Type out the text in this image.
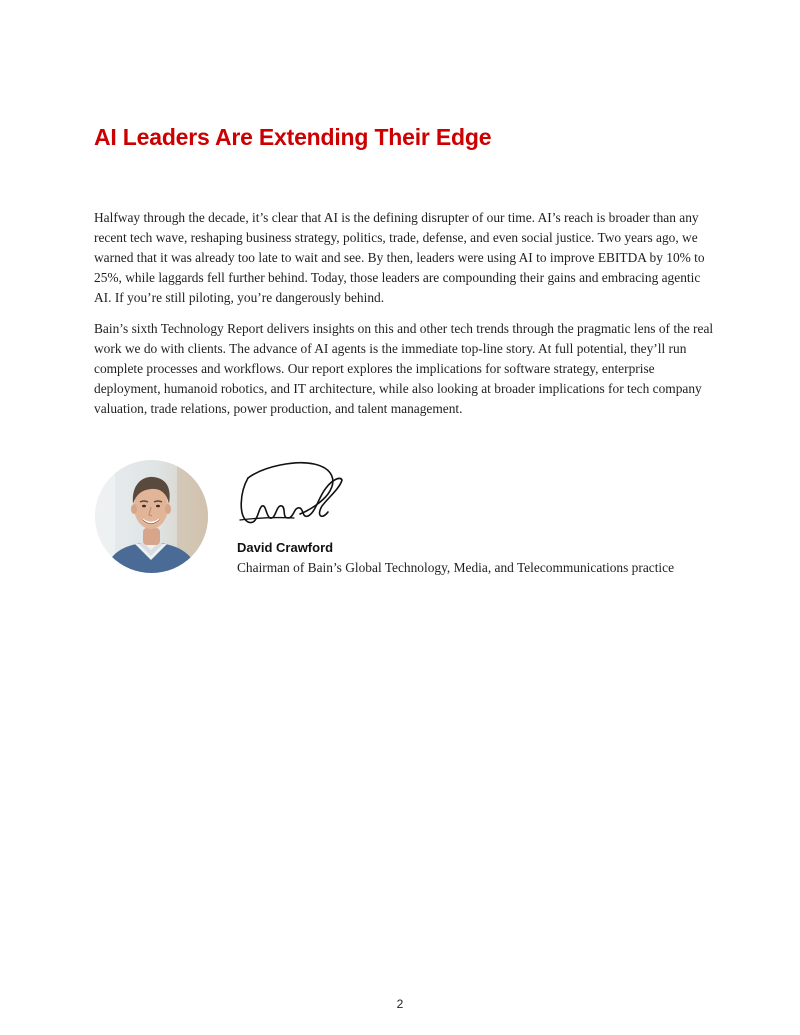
AI Leaders Are Extending Their Edge

Halfway through the decade, it’s clear that AI is the defining disrupter of our time. AI’s reach is broader than any recent tech wave, reshaping business strategy, politics, trade, defense, and even social justice. Two years ago, we warned that it was already too late to wait and see. By then, leaders were using AI to improve EBITDA by 10% to 25%, while laggards fell further behind. Today, those leaders are compounding their gains and embracing agentic AI. If you’re still piloting, you’re dangerously behind.

Bain’s sixth Technology Report delivers insights on this and other tech trends through the pragmatic lens of the real work we do with clients. The advance of AI agents is the immediate top-line story. At full potential, they’ll run complete processes and workflows. Our report explores the implications for software strategy, enterprise deployment, humanoid robotics, and IT architecture, while also looking at broader implications for tech company valuation, trade relations, power production, and talent management.

David Crawford
Chairman of Bain’s Global Technology, Media, and Telecommunications practice
2
